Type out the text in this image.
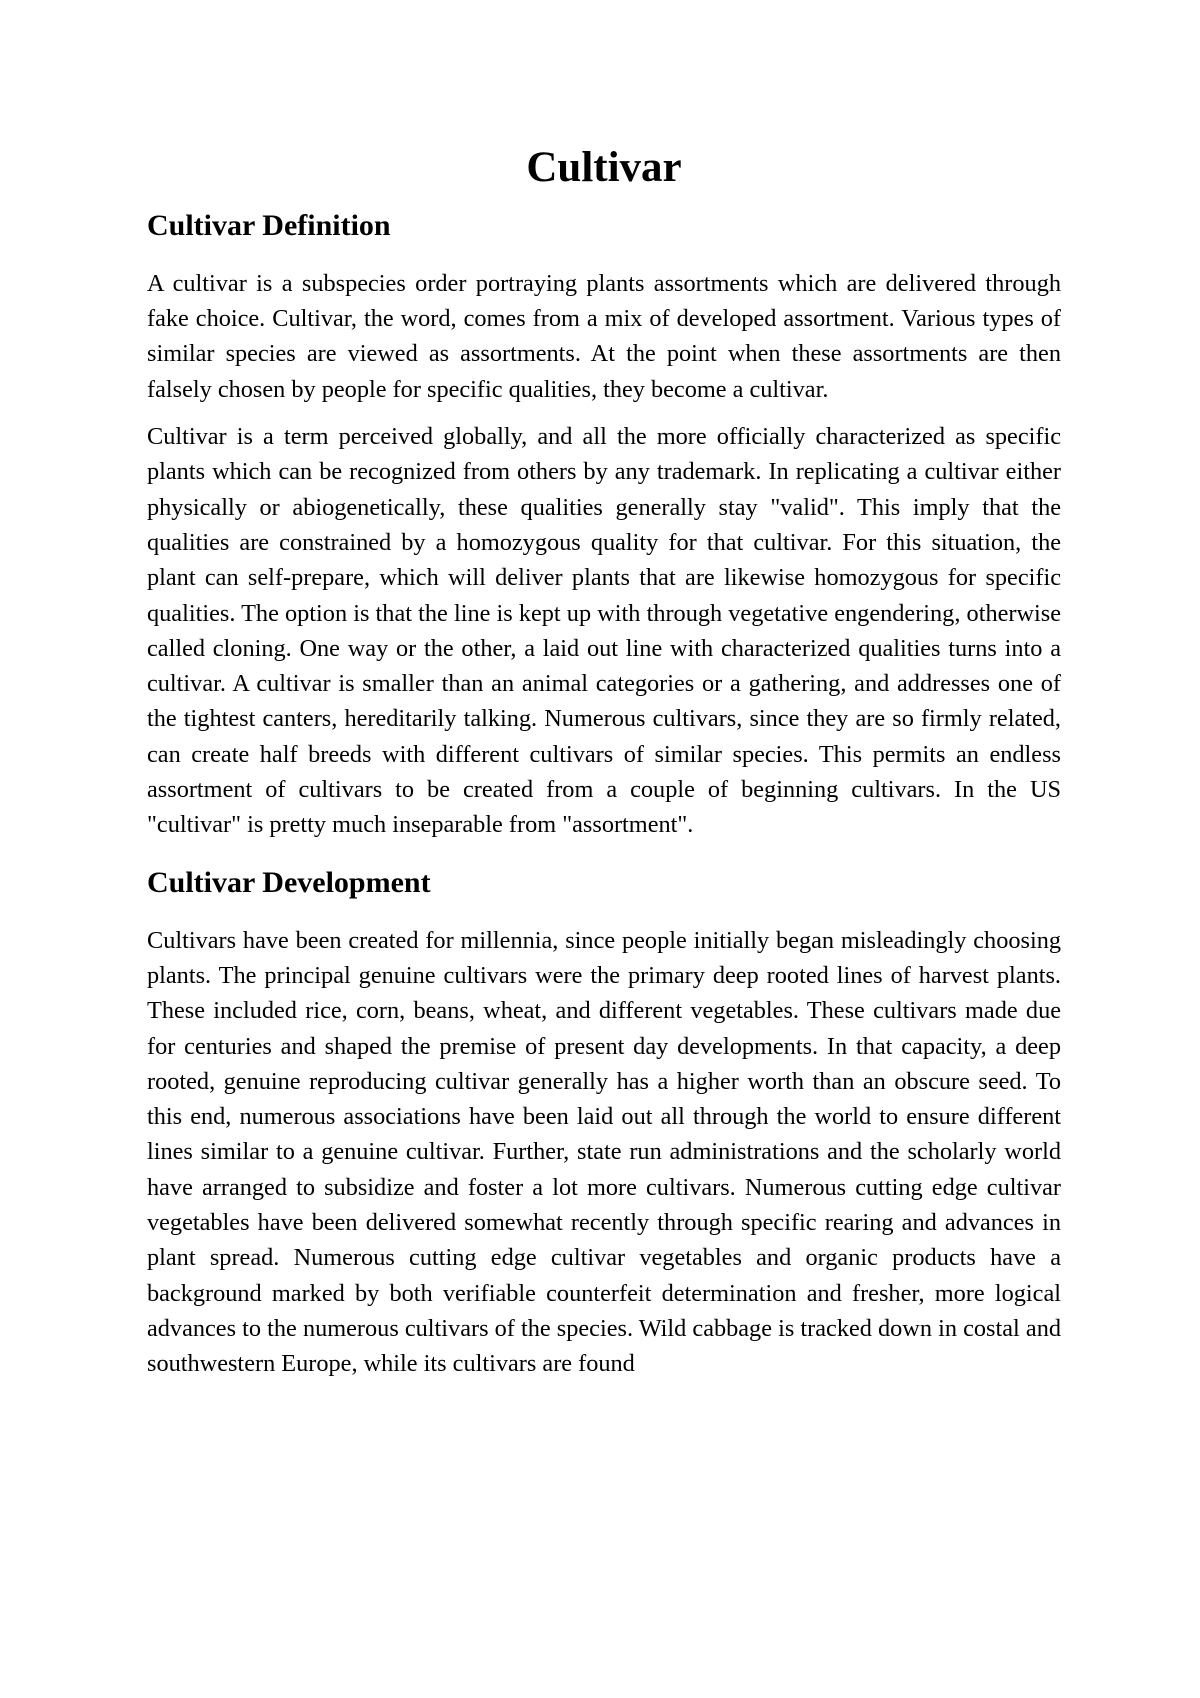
Cultivar
Cultivar Definition

A cultivar is a subspecies order portraying plants assortments which are delivered through fake choice. Cultivar, the word, comes from a mix of developed assortment. Various types of similar species are viewed as assortments. At the point when these assortments are then falsely chosen by people for specific qualities, they become a cultivar.

Cultivar is a term perceived globally, and all the more officially characterized as specific plants which can be recognized from others by any trademark. In replicating a cultivar either physically or abiogenetically, these qualities generally stay "valid". This imply that the qualities are constrained by a homozygous quality for that cultivar. For this situation, the plant can self-prepare, which will deliver plants that are likewise homozygous for specific qualities. The option is that the line is kept up with through vegetative engendering, otherwise called cloning. One way or the other, a laid out line with characterized qualities turns into a cultivar. A cultivar is smaller than an animal categories or a gathering, and addresses one of the tightest canters, hereditarily talking. Numerous cultivars, since they are so firmly related, can create half breeds with different cultivars of similar species. This permits an endless assortment of cultivars to be created from a couple of beginning cultivars. In the US "cultivar" is pretty much inseparable from "assortment".

Cultivar Development

Cultivars have been created for millennia, since people initially began misleadingly choosing plants. The principal genuine cultivars were the primary deep rooted lines of harvest plants. These included rice, corn, beans, wheat, and different vegetables. These cultivars made due for centuries and shaped the premise of present day developments. In that capacity, a deep rooted, genuine reproducing cultivar generally has a higher worth than an obscure seed. To this end, numerous associations have been laid out all through the world to ensure different lines similar to a genuine cultivar. Further, state run administrations and the scholarly world have arranged to subsidize and foster a lot more cultivars. Numerous cutting edge cultivar vegetables have been delivered somewhat recently through specific rearing and advances in plant spread. Numerous cutting edge cultivar vegetables and organic products have a background marked by both verifiable counterfeit determination and fresher, more logical advances to the numerous cultivars of the species. Wild cabbage is tracked down in costal and southwestern Europe, while its cultivars are found
